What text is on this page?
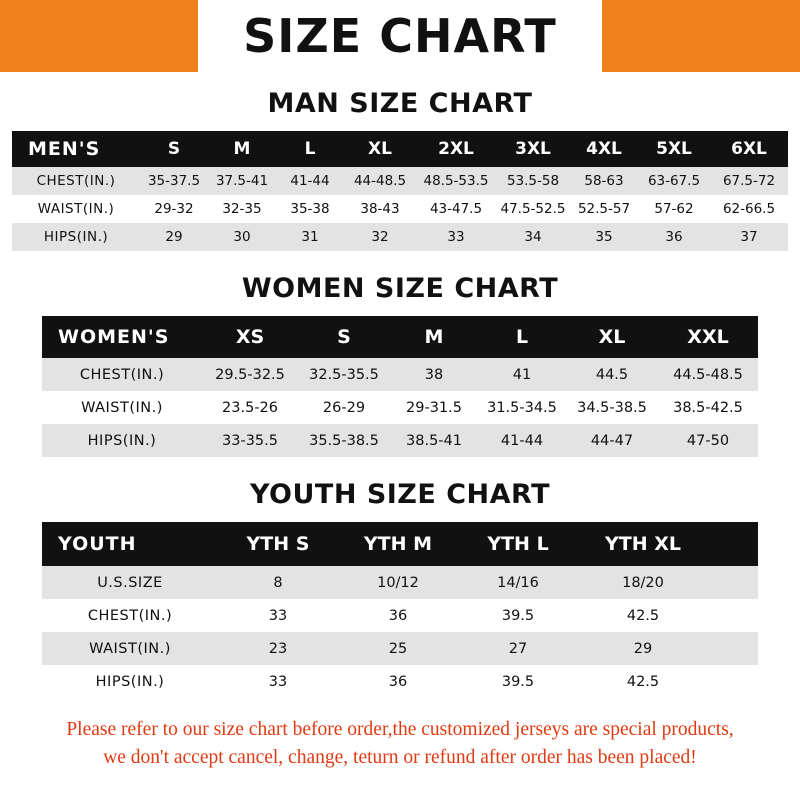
SIZE CHART
MAN SIZE CHART
MEN'S	S	M	L	XL	2XL	3XL	4XL	5XL	6XL
CHEST(IN.)	35-37.5	37.5-41	41-44	44-48.5	48.5-53.5	53.5-58	58-63	63-67.5	67.5-72
WAIST(IN.)	29-32	32-35	35-38	38-43	43-47.5	47.5-52.5	52.5-57	57-62	62-66.5
HIPS(IN.)	29	30	31	32	33	34	35	36	37
WOMEN SIZE CHART
WOMEN'S	XS	S	M	L	XL	XXL
CHEST(IN.)	29.5-32.5	32.5-35.5	38	41	44.5	44.5-48.5
WAIST(IN.)	23.5-26	26-29	29-31.5	31.5-34.5	34.5-38.5	38.5-42.5
HIPS(IN.)	33-35.5	35.5-38.5	38.5-41	41-44	44-47	47-50
YOUTH SIZE CHART
YOUTH	YTH S	YTH M	YTH L	YTH XL	
U.S.SIZE	8	10/12	14/16	18/20	
CHEST(IN.)	33	36	39.5	42.5	
WAIST(IN.)	23	25	27	29	
HIPS(IN.)	33	36	39.5	42.5	
Please refer to our size chart before order,the customized jerseys are special products,
we don't accept cancel, change, teturn or refund after order has been placed!
